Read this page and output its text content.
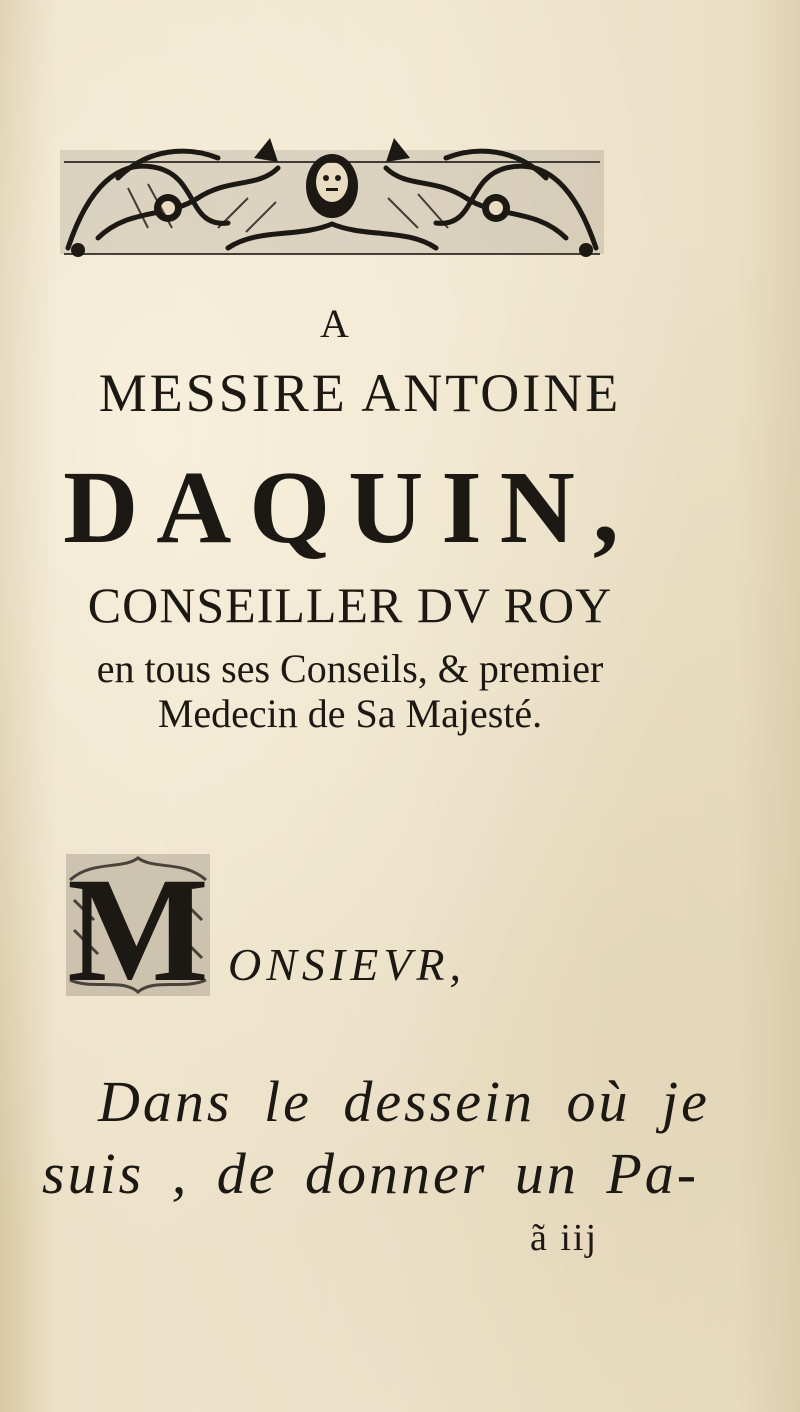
A
MESSIRE ANTOINE
DAQUIN,
CONSEILLER DV ROY
en tous ses Conseils, & premier
Medecin de Sa Majesté.
M ONSIEVR,
Dans le dessein où je
suis , de donner un Pa-
ã iij
